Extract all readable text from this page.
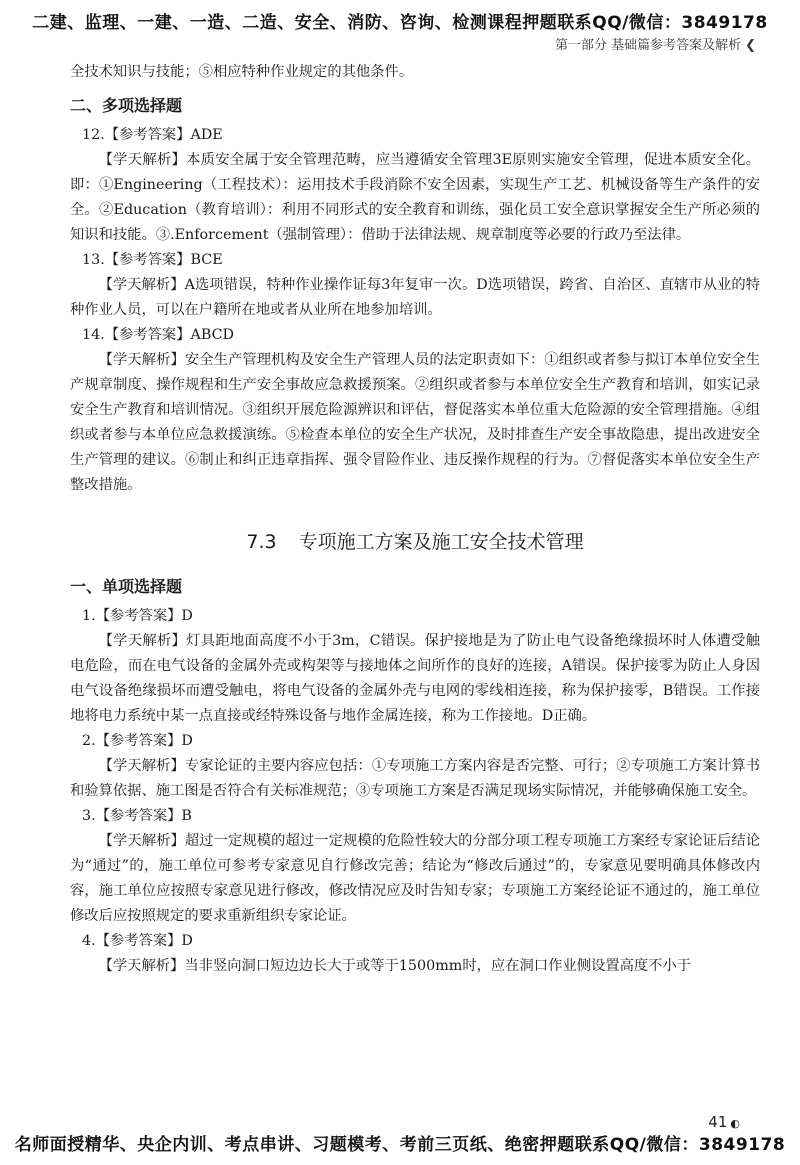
二建、监理、一建、一造、二造、安全、消防、咨询、检测课程押题联系QQ/微信：3849178
第一部分 基础篇参考答案及解析 ❮

全技术知识与技能；⑤相应特种作业规定的其他条件。

二、多项选择题

12.【参考答案】ADE

【学天解析】本质安全属于安全管理范畴，应当遵循安全管理3E原则实施安全管理，促进本质安全化。即：①Engineering（工程技术）：运用技术手段消除不安全因素，实现生产工艺、机械设备等生产条件的安全。②Education（教育培训）：利用不同形式的安全教育和训练，强化员工安全意识掌握安全生产所必须的知识和技能。③.Enforcement（强制管理）：借助于法律法规、规章制度等必要的行政乃至法律。

13.【参考答案】BCE

【学天解析】A选项错误，特种作业操作证每3年复审一次。D选项错误，跨省、自治区、直辖市从业的特种作业人员，可以在户籍所在地或者从业所在地参加培训。

14.【参考答案】ABCD

【学天解析】安全生产管理机构及安全生产管理人员的法定职责如下：①组织或者参与拟订本单位安全生产规章制度、操作规程和生产安全事故应急救援预案。②组织或者参与本单位安全生产教育和培训，如实记录安全生产教育和培训情况。③组织开展危险源辨识和评估，督促落实本单位重大危险源的安全管理措施。④组织或者参与本单位应急救援演练。⑤检查本单位的安全生产状况，及时排查生产安全事故隐患，提出改进安全生产管理的建议。⑥制止和纠正违章指挥、强令冒险作业、违反操作规程的行为。⑦督促落实本单位安全生产整改措施。

7.3 专项施工方案及施工安全技术管理
一、单项选择题

1.【参考答案】D

【学天解析】灯具距地面高度不小于3m，C错误。保护接地是为了防止电气设备绝缘损坏时人体遭受触电危险，而在电气设备的金属外壳或构架等与接地体之间所作的良好的连接，A错误。保护接零为防止人身因电气设备绝缘损坏而遭受触电，将电气设备的金属外壳与电网的零线相连接，称为保护接零，B错误。工作接地将电力系统中某一点直接或经特殊设备与地作金属连接，称为工作接地。D正确。

2.【参考答案】D

【学天解析】专家论证的主要内容应包括：①专项施工方案内容是否完整、可行；②专项施工方案计算书和验算依据、施工图是否符合有关标准规范；③专项施工方案是否满足现场实际情况，并能够确保施工安全。

3.【参考答案】B

【学天解析】超过一定规模的超过一定规模的危险性较大的分部分项工程专项施工方案经专家论证后结论为“通过”的，施工单位可参考专家意见自行修改完善；结论为“修改后通过”的，专家意见要明确具体修改内容，施工单位应按照专家意见进行修改，修改情况应及时告知专家；专项施工方案经论证不通过的，施工单位修改后应按照规定的要求重新组织专家论证。

4.【参考答案】D

【学天解析】当非竖向洞口短边边长大于或等于1500mm时，应在洞口作业侧设置高度不小于

41 ◐
名师面授精华、央企内训、考点串讲、习题模考、考前三页纸、绝密押题联系QQ/微信：3849178
